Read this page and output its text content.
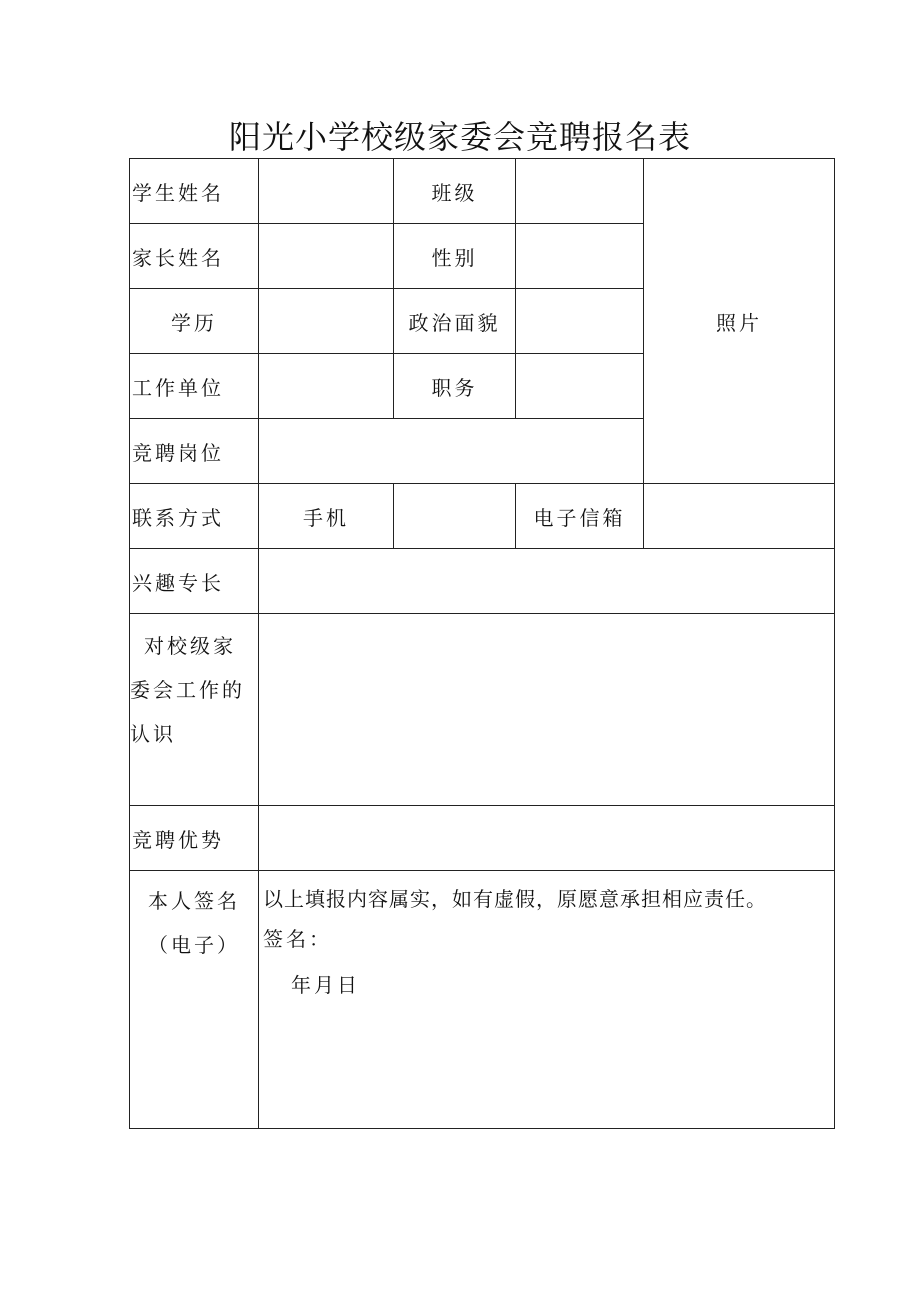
阳光小学校级家委会竞聘报名表
学生姓名		班级		照片
家长姓名		性别		
学历		政治面貌		
工作单位		职务		
竞聘岗位				
联系方式	手机		电子信箱	
兴趣专长				

对校级家
委会工作的
认识				

竞聘优势				

本人签名
（电子）	以上填报内容属实，如有虚假，原愿意承担相应责任。
签名：
年月日			
